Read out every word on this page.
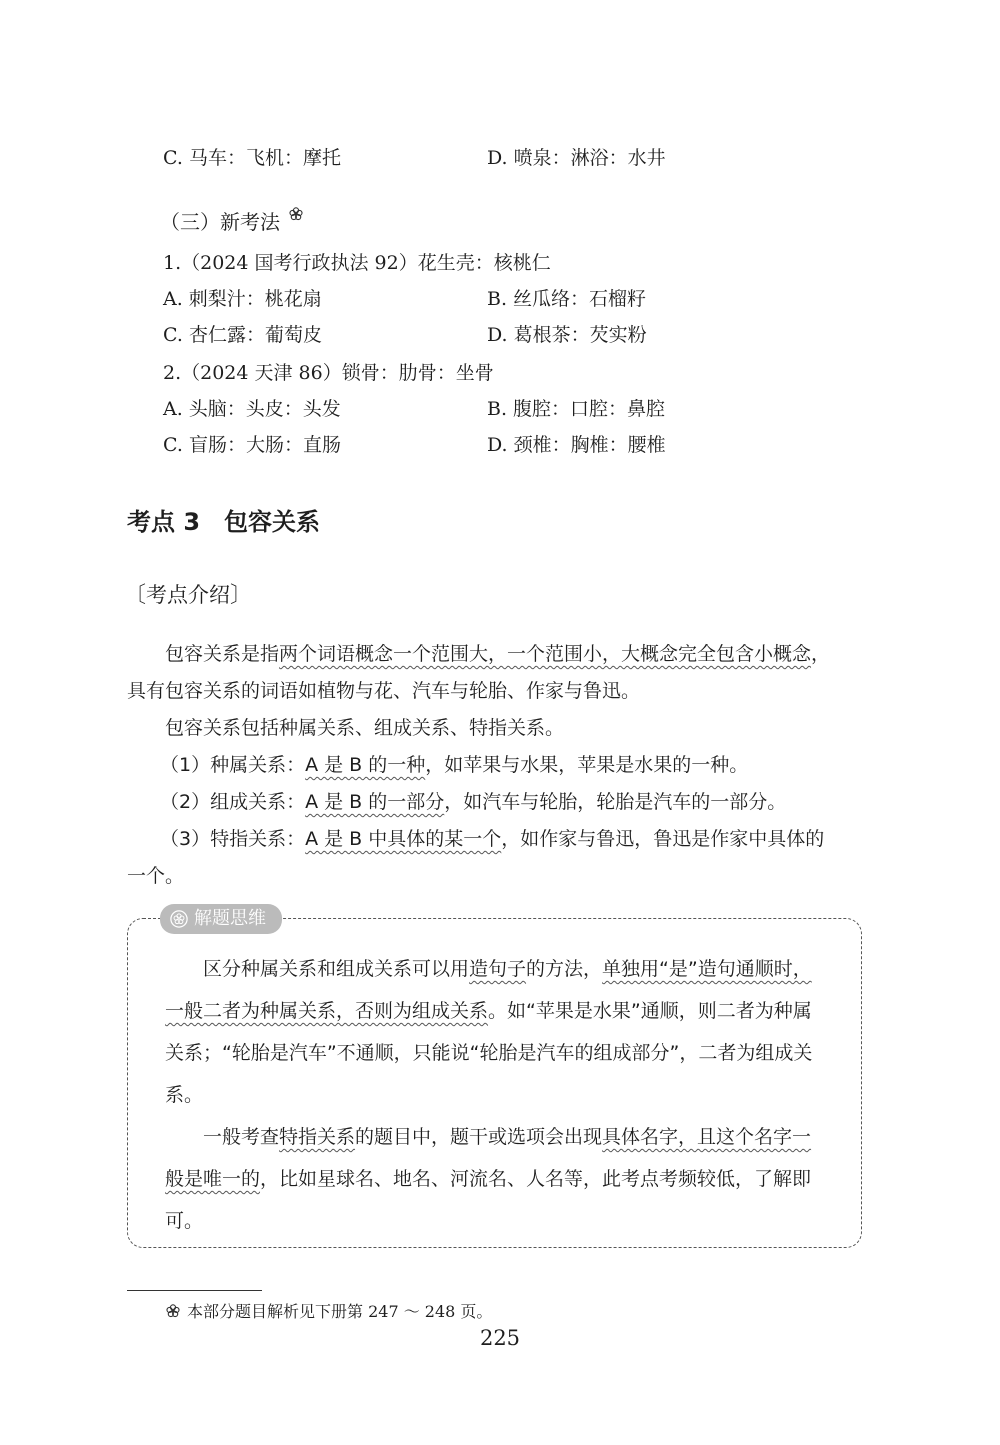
C. 马车：飞机：摩托	D. 喷泉：淋浴：水井
（三）新考法
1.（2024 国考行政执法 92）花生壳：核桃仁
A. 刺梨汁：桃花扇	B. 丝瓜络：石榴籽
C. 杏仁露：葡萄皮	D. 葛根茶：芡实粉
2.（2024 天津 86）锁骨：肋骨：坐骨
A. 头脑：头皮：头发	B. 腹腔：口腔：鼻腔
C. 盲肠：大肠：直肠	D. 颈椎：胸椎：腰椎
考点 3　包容关系
〔考点介绍〕
包容关系是指两个词语概念一个范围大，一个范围小，大概念完全包含小概念，
具有包容关系的词语如植物与花、汽车与轮胎、作家与鲁迅。
包容关系包括种属关系、组成关系、特指关系。
（1）种属关系：A 是 B 的一种，如苹果与水果，苹果是水果的一种。
（2）组成关系：A 是 B 的一部分，如汽车与轮胎，轮胎是汽车的一部分。
（3）特指关系：A 是 B 中具体的某一个，如作家与鲁迅，鲁迅是作家中具体的
一个。
解题思维
区分种属关系和组成关系可以用造句子的方法，单独用“是”造句通顺时，一般二者为种属关系，否则为组成关系。如“苹果是水果”通顺，则二者为种属关系；“轮胎是汽车”不通顺，只能说“轮胎是汽车的组成部分”，二者为组成关系。
一般考查特指关系的题目中，题干或选项会出现具体名字，且这个名字一般是唯一的，比如星球名、地名、河流名、人名等，此考点考频较低，了解即可。
本部分题目解析见下册第 247 ～ 248 页。
225
